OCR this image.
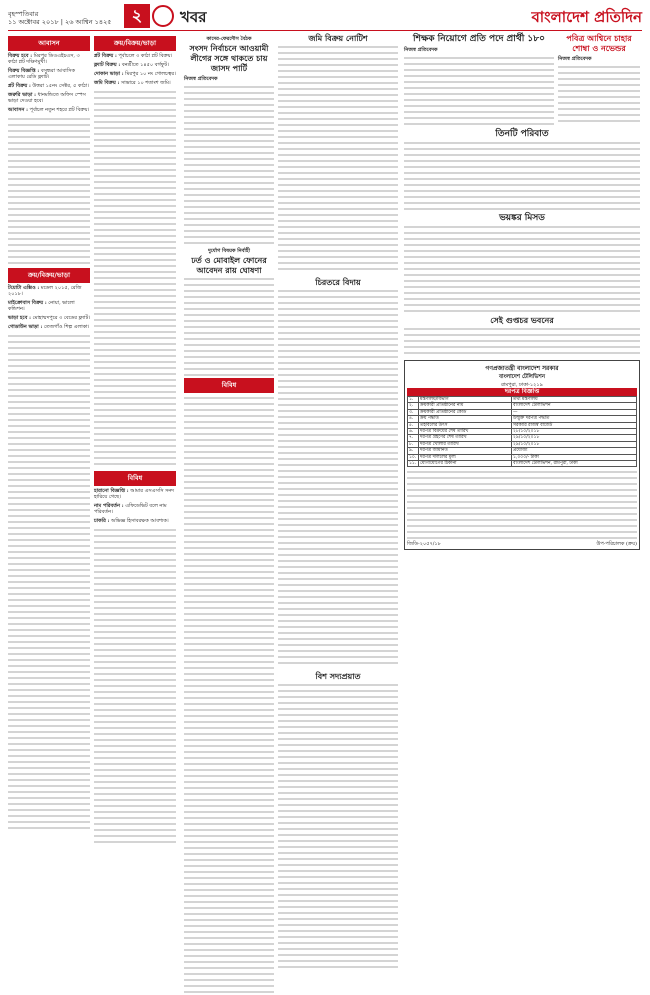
বৃহস্পতিবার
১১ অক্টোবর ২০১৮ | ২৬ আশ্বিন ১৪২৫	২	খবর	বাংলাদেশ প্রতিদিন
আবাসন
বিক্রয় হবে : মিরপুর ডিওএইচএস, ৩ কাঠা প্লট দক্ষিণমুখী।
বিক্রয় বিজ্ঞপ্তি : বসুন্ধরা আবাসিক এলাকায় রেডি ফ্ল্যাট।
প্লট বিক্রয় : উত্তরা ১৫নং সেক্টর, ৫ কাঠা।
জরুরি ভাড়া : ধানমন্ডিতে অফিস স্পেস ভাড়া দেওয়া হবে।
আবাসন : পূর্বাচল নতুন শহরে প্লট বিক্রয়।
ক্রয়/বিক্রয়/ভাড়া
টয়োটা এক্সিও : মডেল ২০১৫, রেজি ২০১৮।
মাইক্রোবাস বিক্রয় : নোয়া, ভালো কন্ডিশন।
ভাড়া হবে : মোহাম্মদপুরে ৩ বেডের ফ্ল্যাট।
গোডাউন ভাড়া : তেজগাঁও শিল্প এলাকা।
ক্রয়/বিক্রয়/ভাড়া
প্লট বিক্রয় : পূর্বাচলে ৩ কাঠা প্লট বিক্রয়।
ফ্ল্যাট বিক্রয় : বনশ্রীতে ১৪৫০ বর্গফুট।
দোকান ভাড়া : মিরপুর ১০ নং গোলচত্বর।
জমি বিক্রয় : সাভারে ১০ শতাংশ জমি।
বিবিধ
হারানো বিজ্ঞপ্তি : আমার এসএসসি সনদ হারিয়ে গেছে।
নাম পরিবর্তন : এফিডেভিট বলে নাম পরিবর্তন।
চাকরি : অভিজ্ঞ হিসাবরক্ষক আবশ্যক।
কাদের-ফেরদৌস বৈঠক
সংসদ নির্বাচনে আওয়ামী লীগের সঙ্গে থাকতে চায় জাসদ পার্টি
নিজস্ব প্রতিবেদক
দুর্যোগ বিষয়ক নির্বাহী
ঢর্ত ও মোবাইল ফোনের আবেদন রায় ঘোষণা
বিবিধ
জমি বিক্রয় নোটিশ
চিরতরে বিদায়
বিশ সদ্যপ্রয়াত
শিক্ষক নিয়োগে প্রতি পদে প্রার্থী ১৮০
নিজস্ব প্রতিবেদক
পবিত্র আশ্বিনে চাহার শোম্বা ও নভেন্ডর
নিজস্ব প্রতিবেদক
তিনটি পরিবাত
ভয়ঙ্কর মিসড
সেই গুপ্তচর ভবনের
গণপ্রজাতন্ত্রী বাংলাদেশ সরকার
বাংলাদেশ টেলিভিশন
রামপুরা, ঢাকা-১২১৯
দরপত্র বিজ্ঞপ্তি
১.	মন্ত্রণালয়/বিভাগ	তথ্য মন্ত্রণালয়
২.	ক্রয়কারী প্রতিষ্ঠানের নাম	বাংলাদেশ টেলিভিশন
৩.	ক্রয়কারী প্রতিষ্ঠানের কোড	—
৪.	ক্রয় পদ্ধতি	উন্মুক্ত দরপত্র পদ্ধতি
৫.	তহবিলের উৎস	সরকারি রাজস্ব বাজেট
৬.	দরপত্র বিক্রয়ের শেষ তারিখ	২৮/১০/২০১৮
৭.	দরপত্র গ্রহণের শেষ তারিখ	২৯/১০/২০১৮
৮.	দরপত্র খোলার তারিখ	২৯/১০/২০১৮
৯.	দরপত্র জামানত	প্রযোজ্য
১০.	দরপত্র দলিলের মূল্য	১,০০০/- টাকা
১১.	যোগাযোগের ঠিকানা	বাংলাদেশ টেলিভিশন, রামপুরা, ঢাকা
জিডি-২০৫৭/১৮	উপ-পরিচালক (ক্রয়)
